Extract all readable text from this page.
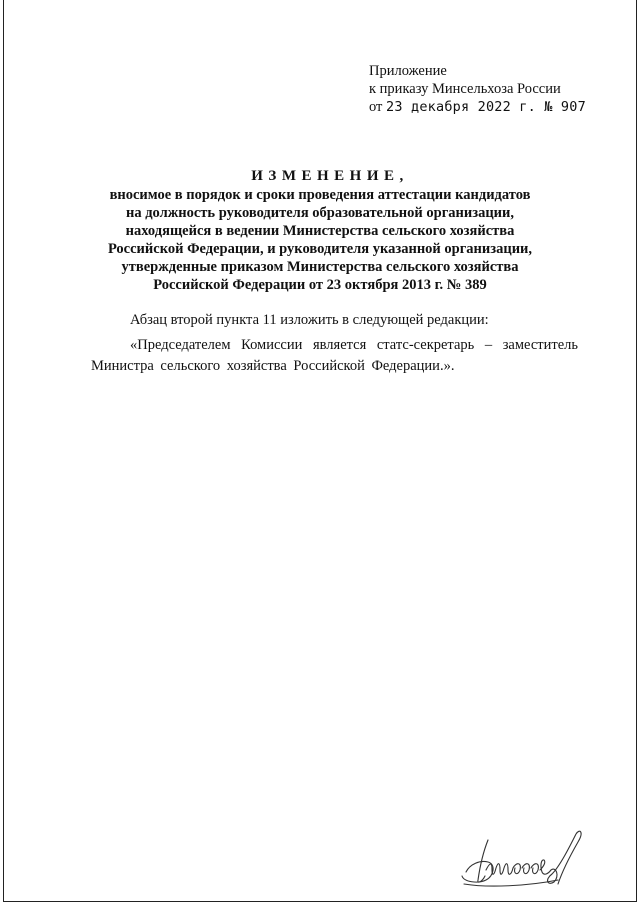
Приложение
к приказу Минсельхоза России
от 23 декабря 2022 г. № 907
ИЗМЕНЕНИЕ,
вносимое в порядок и сроки проведения аттестации кандидатов
на должность руководителя образовательной организации,
находящейся в ведении Министерства сельского хозяйства
Российской Федерации, и руководителя указанной организации,
утвержденные приказом Министерства сельского хозяйства
Российской Федерации от 23 октября 2013 г. № 389

Абзац второй пункта 11 изложить в следующей редакции:

«Председателем Комиссии является статс-секретарь – заместитель Министра сельского хозяйства Российской Федерации.».
